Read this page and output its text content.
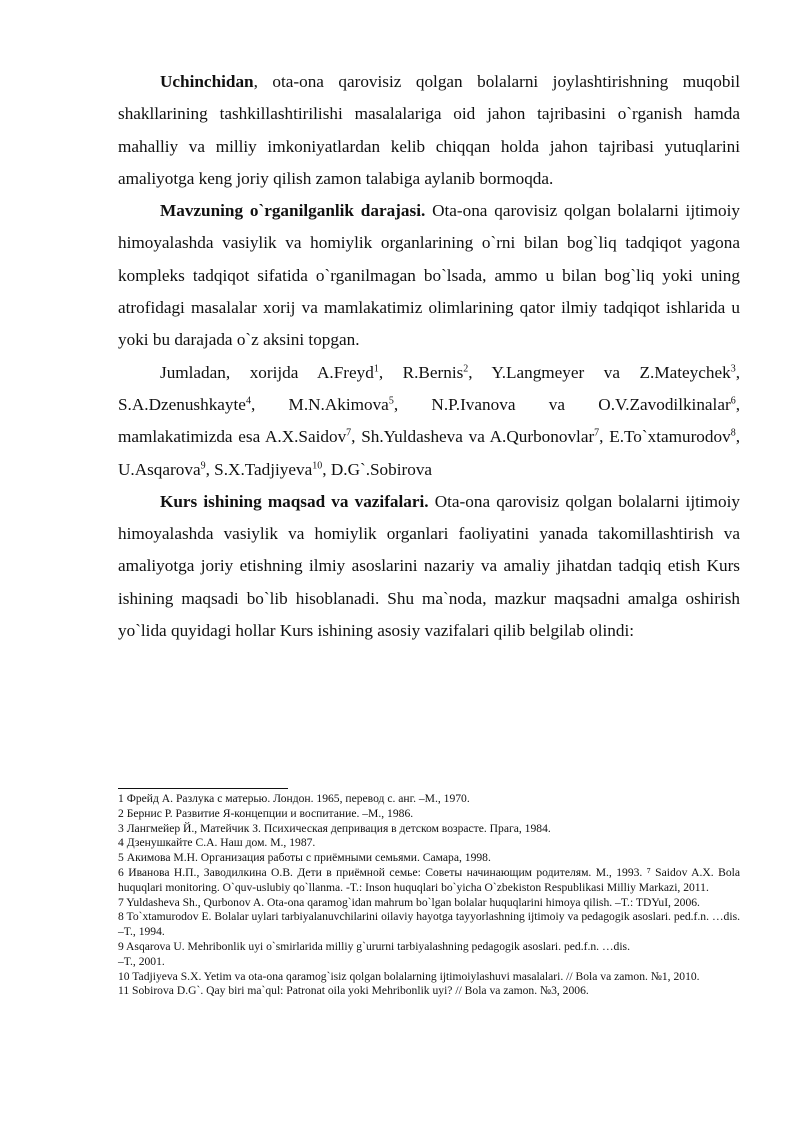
Uchinchidan, ota-ona qarovisiz qolgan bolalarni joylashtirishning muqobil shakllarining tashkillashtirilishi masalalariga oid jahon tajribasini o`rganish hamda mahalliy va milliy imkoniyatlardan kelib chiqqan holda jahon tajribasi yutuqlarini amaliyotga keng joriy qilish zamon talabiga aylanib bormoqda.

Mavzuning o`rganilganlik darajasi. Ota-ona qarovisiz qolgan bolalarni ijtimoiy himoyalashda vasiylik va homiylik organlarining o`rni bilan bog`liq tadqiqot yagona kompleks tadqiqot sifatida o`rganilmagan bo`lsada, ammo u bilan bog`liq yoki uning atrofidagi masalalar xorij va mamlakatimiz olimlarining qator ilmiy tadqiqot ishlarida u yoki bu darajada o`z aksini topgan.

Jumladan, xorijda A.Freyd$^1$, R.Bernis$^2$, Y.Langmeyer va Z.Mateychek$^3$, S.A.Dzenushkayte$^4$, M.N.Akimova$^5$, N.P.Ivanova va O.V.Zavodilkinalar$^6$, mamlakatimizda esa A.X.Saidov$^7$, Sh.Yuldasheva va A.Qurbonovlar$^7$, E.To`xtamurodov$^8$, U.Asqarova$^9$, S.X.Tadjiyeva$^{10}$, D.G`.Sobirova

Kurs ishining maqsad va vazifalari. Ota-ona qarovisiz qolgan bolalarni ijtimoiy himoyalashda vasiylik va homiylik organlari faoliyatini yanada takomillashtirish va amaliyotga joriy etishning ilmiy asoslarini nazariy va amaliy jihatdan tadqiq etish Kurs ishining maqsadi bo`lib hisoblanadi. Shu ma`noda, mazkur maqsadni amalga oshirish yo`lida quyidagi hollar Kurs ishining asosiy vazifalari qilib belgilab olindi:

1 Фрейд А. Разлука с матерью. Лондон. 1965, перевод с. анг. –М., 1970.

2 Бернис Р. Развитие Я-концепции и воспитание. –М., 1986.

3 Лангмейер Й., Матейчик З. Психическая депривация в детском возрасте. Прага, 1984.

4 Дзенушкайте С.А. Наш дом. М., 1987.

5 Акимова М.Н. Организация работы с приёмными семьями. Самара, 1998.

6 Иванова Н.П., Заводилкина О.В. Дети в приёмной семье: Советы начинающим родителям. М., 1993. ⁷ Saidov A.X. Bola huquqlari monitoring. O`quv-uslubiy qo`llanma. -T.: Inson huquqlari bo`yicha O`zbekiston Respublikasi Milliy Markazi, 2011.

7 Yuldasheva Sh., Qurbonov A. Ota-ona qaramog`idan mahrum bo`lgan bolalar huquqlarini himoya qilish. –T.: TDYuI, 2006.

8 To`xtamurodov E. Bolalar uylari tarbiyalanuvchilarini oilaviy hayotga tayyorlashning ijtimoiy va pedagogik asoslari. ped.f.n. …dis. –T., 1994.

9 Asqarova U. Mehribonlik uyi o`smirlarida milliy g`ururni tarbiyalashning pedagogik asoslari. ped.f.n. …dis.

–T., 2001.

10 Tadjiyeva S.X. Yetim va ota-ona qaramog`isiz qolgan bolalarning ijtimoiylashuvi masalalari. // Bola va zamon. №1, 2010.

11 Sobirova D.G`. Qay biri ma`qul: Patronat oila yoki Mehribonlik uyi? // Bola va zamon. №3, 2006.
